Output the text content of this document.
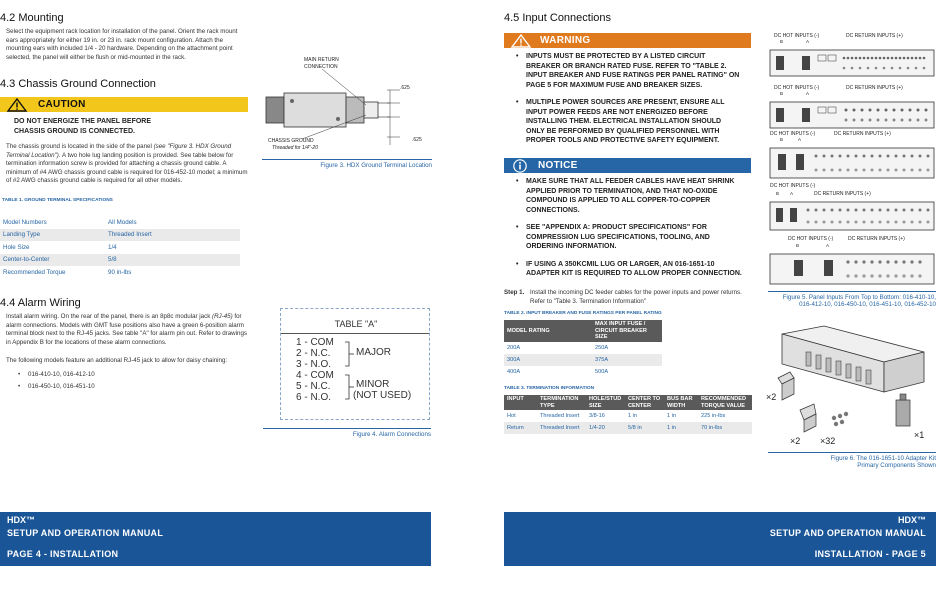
4.2 Mounting
Select the equipment rack location for installation of the panel. Orient the rack mount ears appropriately for either 19 in. or 23 in. rack mount configuration. Attach the mounting ears with included 1/4 - 20 hardware. Depending on the attachment point selected, the panel will either be flush or mid-mounted in the rack.
4.3 Chassis Ground Connection
CAUTION
DO NOT ENERGIZE THE PANEL BEFORE
CHASSIS GROUND IS CONNECTED.
The chassis ground is located in the side of the panel (see "Figure 3. HDX Ground Terminal Location"). A two hole lug landing position is provided. See table below for termination information screw is provided for attaching a chassis ground cable. A minimum of #4 AWG chassis ground cable is required for 016-452-10 model; a minimum of #2 AWG chassis ground cable is required for all other models.
MAIN RETURN
CONNECTION
.625
.625
CHASSIS GROUND
Threaded for 1/4"-20
Figure 3. HDX Ground Terminal Location
TABLE 1. GROUND TERMINAL SPECIFICATIONS
Model Numbers	All Models
Landing Type	Threaded Insert
Hole Size	1/4
Center-to-Center	5/8
Recommended Torque	90 in-lbs
4.4 Alarm Wiring
Install alarm wiring. On the rear of the panel, there is an 8p8c modular jack (RJ-45) for alarm connections. Models with GMT fuse positions also have a green 6-position alarm terminal block next to the RJ-45 jacks. See table "A" for alarm pin out. Refer to drawings in Appendix B for the locations of these alarm connections.
The following models feature an additional RJ-45 jack to allow for daisy chaining:
• 016-410-10, 016-412-10
• 016-450-10, 016-451-10
TABLE "A"
1 - COM
2 - N.C.
3 - N.O.
4 - COM
5 - N.C.
6 - N.O.
MAJOR
MINOR
(NOT USED)
Figure 4. Alarm Connections
HDX™
SETUP AND OPERATION MANUAL
PAGE 4 - INSTALLATION
4.5 Input Connections
WARNING
• INPUTS MUST BE PROTECTED BY A LISTED CIRCUIT BREAKER OR BRANCH RATED FUSE. REFER TO "TABLE 2. INPUT BREAKER AND FUSE RATINGS PER PANEL RATING" ON PAGE 5 FOR MAXIMUM FUSE AND BREAKER SIZES.
• MULTIPLE POWER SOURCES ARE PRESENT, ENSURE ALL INPUT POWER FEEDS ARE NOT ENERGIZED BEFORE INSTALLING THEM. ELECTRICAL INSTALLATION SHOULD ONLY BE PERFORMED BY QUALIFIED PERSONNEL WITH PROPER TOOLS AND PROTECTIVE SAFETY EQUIPMENT.
NOTICE
• MAKE SURE THAT ALL FEEDER CABLES HAVE HEAT SHRINK APPLIED PRIOR TO TERMINATION, AND THAT NO-OXIDE COMPOUND IS APPLIED TO ALL COPPER-TO-COPPER CONNECTIONS.
• SEE "APPENDIX A: PRODUCT SPECIFICATIONS" FOR COMPRESSION LUG SPECIFICATIONS, TOOLING, AND ORDERING INFORMATION.
• IF USING A 350KCMIL LUG OR LARGER, AN 016-1651-10 ADAPTER KIT IS REQUIRED TO ALLOW PROPER CONNECTION.
Step 1. Install the incoming DC feeder cables for the power inputs and power returns. Refer to "Table 3. Termination Information"
TABLE 2. INPUT BREAKER AND FUSE RATINGS PER PANEL RATING
MODEL RATING	MAX INPUT FUSE / CIRCUIT BREAKER SIZE
200A	250A
300A	375A
400A	500A
TABLE 3. TERMINATION INFORMATION
INPUT	TERMINATION TYPE	HOLE/STUD SIZE	CENTER TO CENTER	BUS BAR WIDTH	RECOMMENDED TORQUE VALUE
Hot	Threaded Insert	3/8-16	1 in	1 in	225 in-lbs
Return	Threaded Insert	1/4-20	5/8 in	1 in	70 in-lbs
DC HOT INPUTS (-)	DC RETURN INPUTS (+)
B	A
DC HOT INPUTS (-)	DC RETURN INPUTS (+)
B	A
DC HOT INPUTS (-)	DC RETURN INPUTS (+)
B	A
DC HOT INPUTS (-)
DC RETURN INPUTS (+)
B A
DC HOT INPUTS (-)	DC RETURN INPUTS (+)
B	A
Figure 5. Panel Inputs From Top to Bottom: 016-410-10,
016-412-10, 016-450-10, 016-451-10, 016-452-10
×2
×2 ×32
×1
Figure 6. The 016-1651-10 Adapter Kit
Primary Components Shown
HDX™
SETUP AND OPERATION MANUAL
INSTALLATION - PAGE 5
